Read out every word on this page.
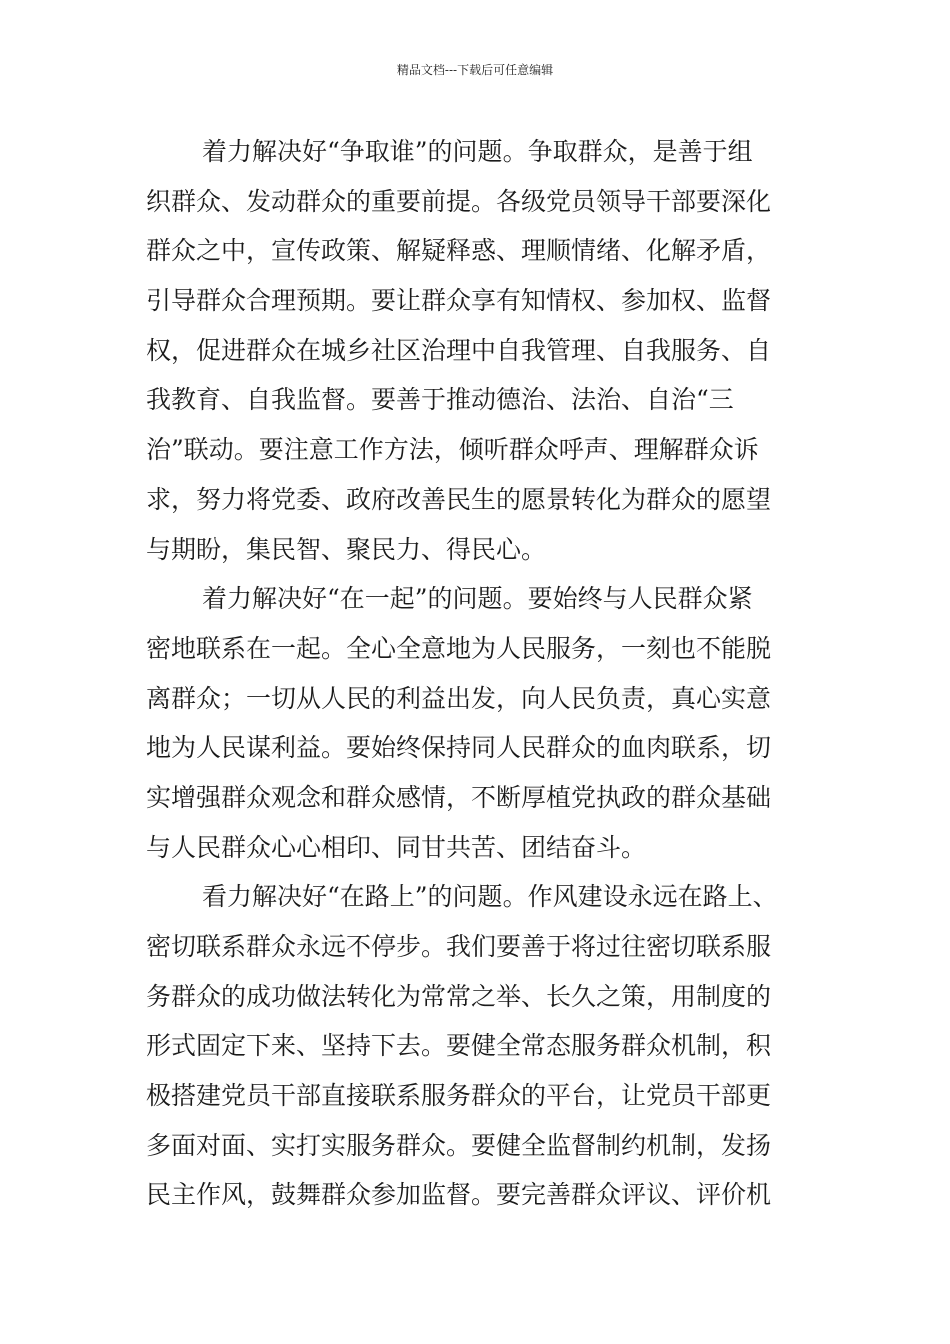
精品文档---下载后可任意编辑
着力解决好“争取谁”的问题。争取群众，是善于组
织群众、发动群众的重要前提。各级党员领导干部要深化
群众之中，宣传政策、解疑释惑、理顺情绪、化解矛盾，
引导群众合理预期。要让群众享有知情权、参加权、监督
权，促进群众在城乡社区治理中自我管理、自我服务、自
我教育、自我监督。要善于推动德治、法治、自治“三
治”联动。要注意工作方法，倾听群众呼声、理解群众诉
求，努力将党委、政府改善民生的愿景转化为群众的愿望
与期盼，集民智、聚民力、得民心。
着力解决好“在一起”的问题。要始终与人民群众紧
密地联系在一起。全心全意地为人民服务，一刻也不能脱
离群众；一切从人民的利益出发，向人民负责，真心实意
地为人民谋利益。要始终保持同人民群众的血肉联系，切
实增强群众观念和群众感情，不断厚植党执政的群众基础
与人民群众心心相印、同甘共苦、团结奋斗。
看力解决好“在路上”的问题。作风建设永远在路上、
密切联系群众永远不停步。我们要善于将过往密切联系服
务群众的成功做法转化为常常之举、长久之策，用制度的
形式固定下来、坚持下去。要健全常态服务群众机制，积
极搭建党员干部直接联系服务群众的平台，让党员干部更
多面对面、实打实服务群众。要健全监督制约机制，发扬
民主作风，鼓舞群众参加监督。要完善群众评议、评价机
